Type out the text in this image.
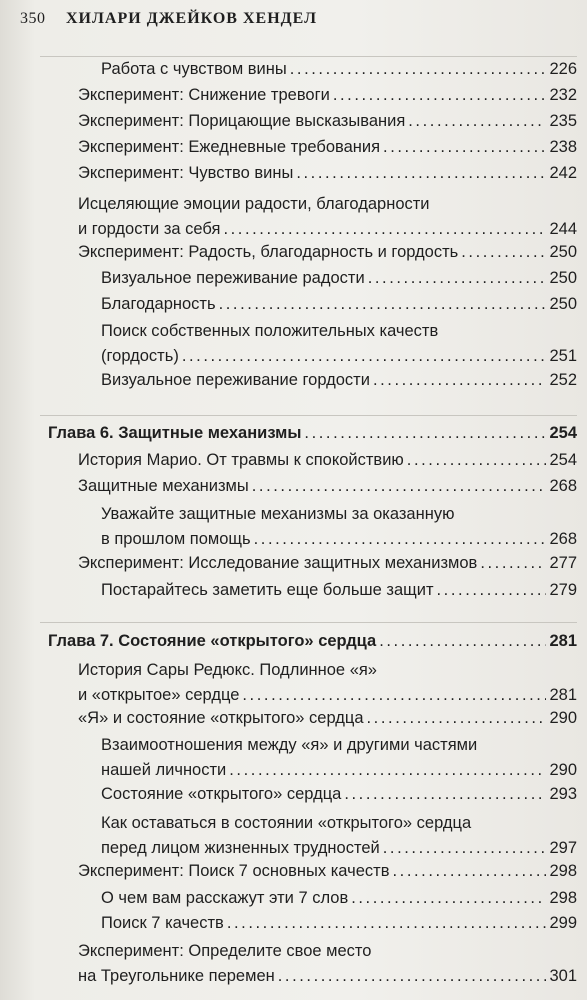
350 ХИЛАРИ ДЖЕЙКОВ ХЕНДЕЛ
Работа с чувством вины . . .	226
Эксперимент: Снижение тревоги . . .	232
Эксперимент: Порицающие высказывания . . .	235
Эксперимент: Ежедневные требования . . .	238
Эксперимент: Чувство вины . . .	242
Исцеляющие эмоции радости, благодарности
и гордости за себя . . .	244
Эксперимент: Радость, благодарность и гордость . . .	250
Визуальное переживание радости . . .	250
Благодарность . . .	250
Поиск собственных положительных качеств
(гордость) . . .	251
Визуальное переживание гордости . . .	252
Глава 6. Защитные механизмы . . .	254
История Марио. От травмы к спокойствию . . .	254
Защитные механизмы . . .	268
Уважайте защитные механизмы за оказанную
в прошлом помощь . . .	268
Эксперимент: Исследование защитных механизмов . . .	277
Постарайтесь заметить еще больше защит . . .	279
Глава 7. Состояние «открытого» сердца . . .	281
История Сары Редюкс. Подлинное «я»
и «открытое» сердце . . .	281
«Я» и состояние «открытого» сердца . . .	290
Взаимоотношения между «я» и другими частями
нашей личности . . .	290
Состояние «открытого» сердца . . .	293
Как оставаться в состоянии «открытого» сердца
перед лицом жизненных трудностей . . .	297
Эксперимент: Поиск 7 основных качеств . . .	298
О чем вам расскажут эти 7 слов . . .	298
Поиск 7 качеств . . .	299
Эксперимент: Определите свое место
на Треугольнике перемен . . .	301
